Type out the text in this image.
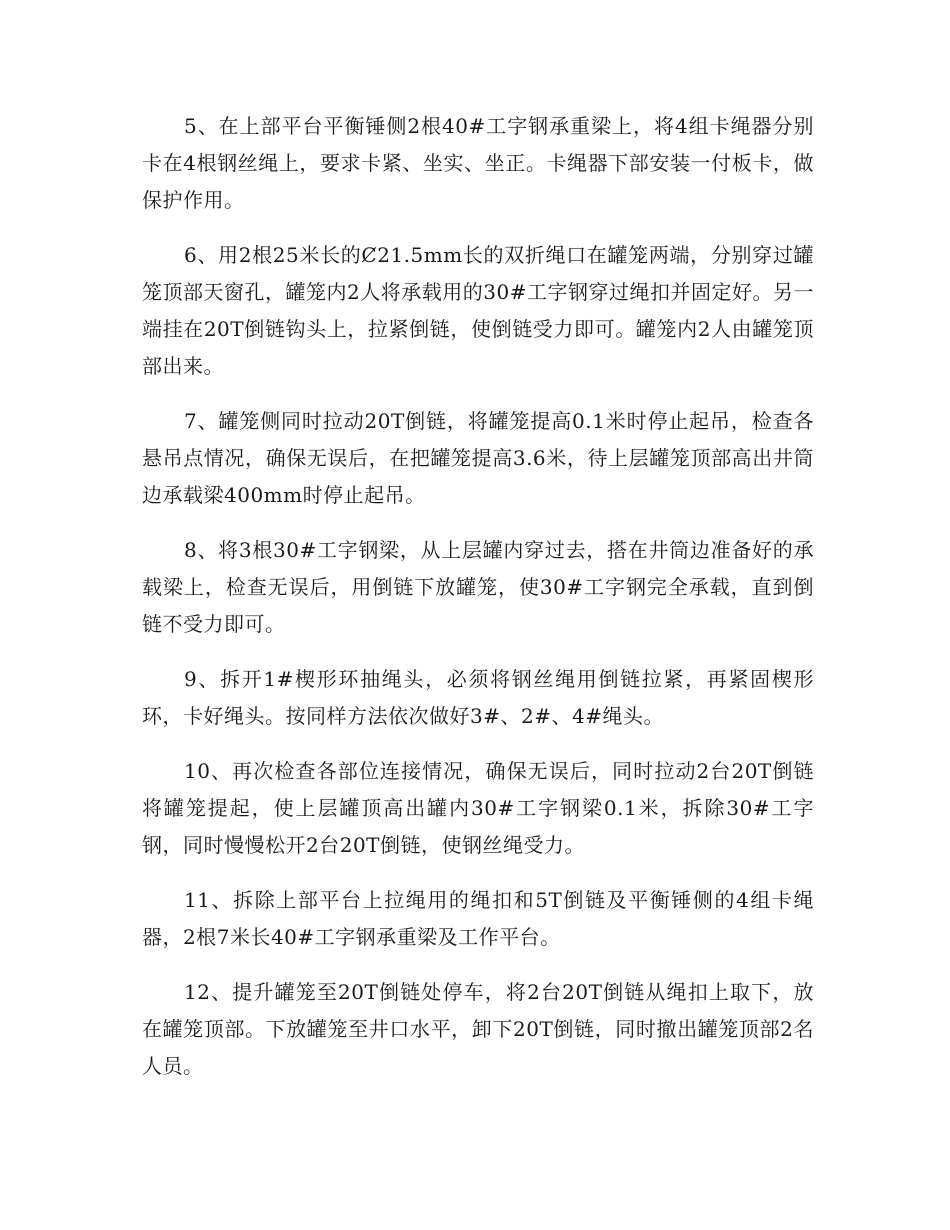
5、在上部平台平衡锤侧2根40#工字钢承重梁上，将4组卡绳器分别卡在4根钢丝绳上，要求卡紧、坐实、坐正。卡绳器下部安装一付板卡，做保护作用。

6、用2根25米长的Ȼ21.5mm长的双折绳口在罐笼两端，分别穿过罐笼顶部天窗孔，罐笼内2人将承载用的30#工字钢穿过绳扣并固定好。另一端挂在20T倒链钩头上，拉紧倒链，使倒链受力即可。罐笼内2人由罐笼顶部出来。

7、罐笼侧同时拉动20T倒链，将罐笼提高0.1米时停止起吊，检查各悬吊点情况，确保无误后，在把罐笼提高3.6米，待上层罐笼顶部高出井筒边承载梁400mm时停止起吊。

8、将3根30#工字钢梁，从上层罐内穿过去，搭在井筒边准备好的承载梁上，检查无误后，用倒链下放罐笼，使30#工字钢完全承载，直到倒链不受力即可。

9、拆开1#楔形环抽绳头，必须将钢丝绳用倒链拉紧，再紧固楔形环，卡好绳头。按同样方法依次做好3#、2#、4#绳头。

10、再次检查各部位连接情况，确保无误后，同时拉动2台20T倒链将罐笼提起，使上层罐顶高出罐内30#工字钢梁0.1米，拆除30#工字钢，同时慢慢松开2台20T倒链，使钢丝绳受力。

11、拆除上部平台上拉绳用的绳扣和5T倒链及平衡锤侧的4组卡绳器，2根7米长40#工字钢承重梁及工作平台。

12、提升罐笼至20T倒链处停车，将2台20T倒链从绳扣上取下，放在罐笼顶部。下放罐笼至井口水平，卸下20T倒链，同时撤出罐笼顶部2名人员。
